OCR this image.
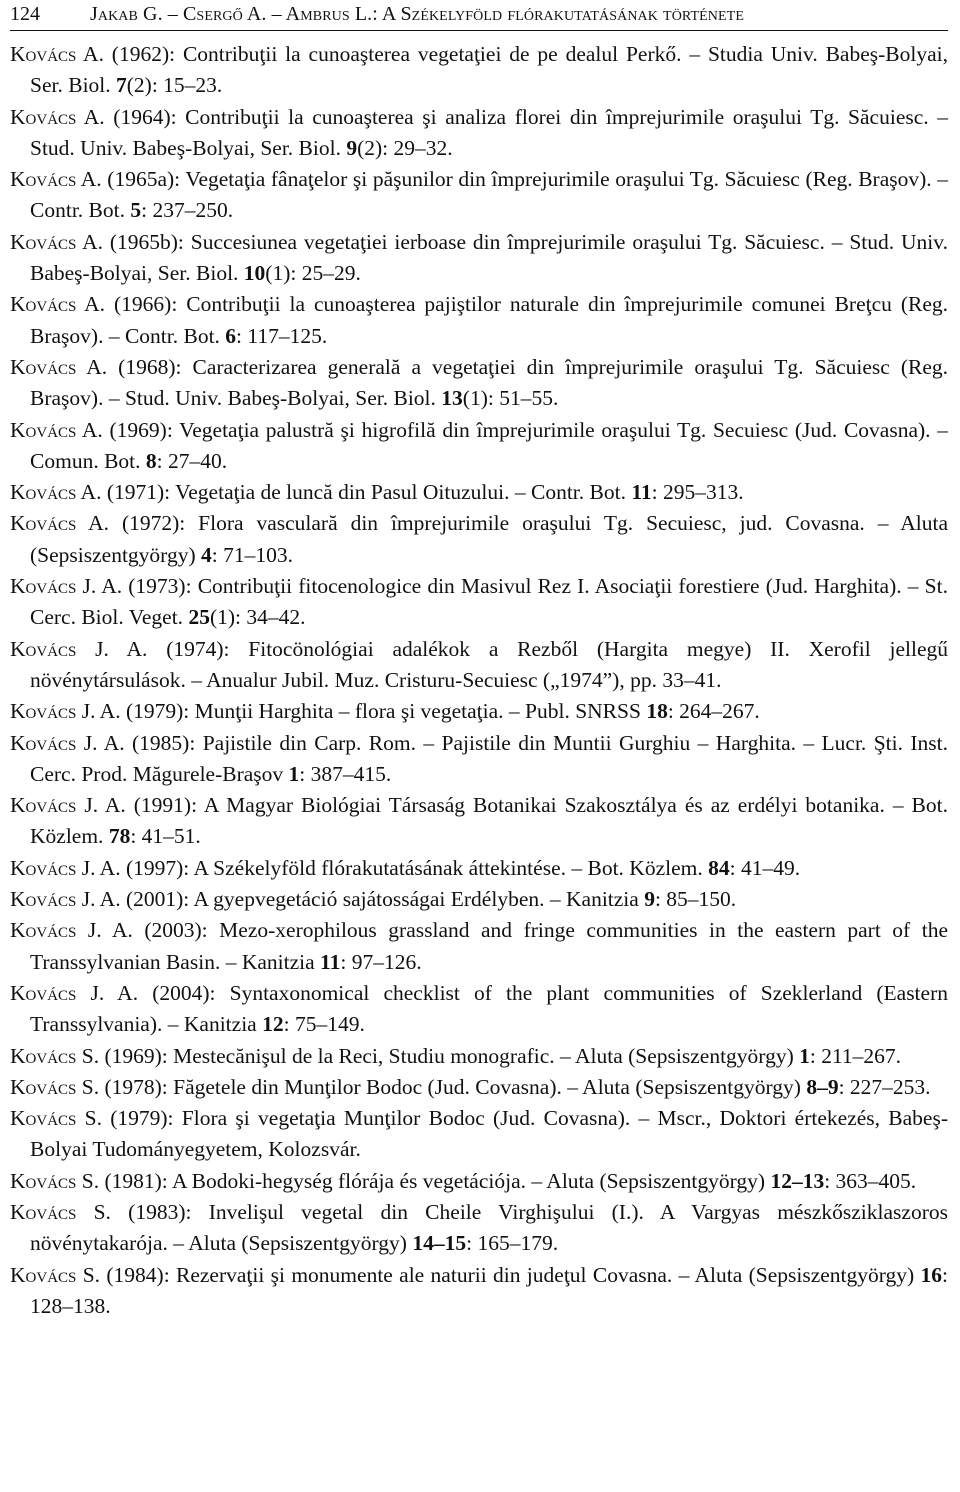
124	Jakab G. – Csergő A. – Ambrus L.: A Székelyföld flórakutatásának története
Kovács A. (1962): Contribuţii la cunoaşterea vegetaţiei de pe dealul Perkő. – Studia Univ. Babeş-Bolyai, Ser. Biol. 7(2): 15–23.
Kovács A. (1964): Contribuţii la cunoaşterea şi analiza florei din împrejurimile oraşului Tg. Săcuiesc. – Stud. Univ. Babeş-Bolyai, Ser. Biol. 9(2): 29–32.
Kovács A. (1965a): Vegetaţia fânaţelor şi păşunilor din împrejurimile oraşului Tg. Săcuiesc (Reg. Braşov). – Contr. Bot. 5: 237–250.
Kovács A. (1965b): Succesiunea vegetaţiei ierboase din împrejurimile oraşului Tg. Săcuiesc. – Stud. Univ. Babeş-Bolyai, Ser. Biol. 10(1): 25–29.
Kovács A. (1966): Contribuţii la cunoaşterea pajiştilor naturale din împrejurimile comunei Breţcu (Reg. Braşov). – Contr. Bot. 6: 117–125.
Kovács A. (1968): Caracterizarea generală a vegetaţiei din împrejurimile oraşului Tg. Săcuiesc (Reg. Braşov). – Stud. Univ. Babeş-Bolyai, Ser. Biol. 13(1): 51–55.
Kovács A. (1969): Vegetaţia palustră şi higrofilă din împrejurimile oraşului Tg. Secuiesc (Jud. Covasna). – Comun. Bot. 8: 27–40.
Kovács A. (1971): Vegetaţia de luncă din Pasul Oituzului. – Contr. Bot. 11: 295–313.
Kovács A. (1972): Flora vasculară din împrejurimile oraşului Tg. Secuiesc, jud. Covasna. – Aluta (Sepsiszentgyörgy) 4: 71–103.
Kovács J. A. (1973): Contribuţii fitocenologice din Masivul Rez I. Asociaţii forestiere (Jud. Harghita). – St. Cerc. Biol. Veget. 25(1): 34–42.
Kovács J. A. (1974): Fitocönológiai adalékok a Rezből (Hargita megye) II. Xerofil jellegű növénytársulások. – Anualur Jubil. Muz. Cristuru-Secuiesc („1974”), pp. 33–41.
Kovács J. A. (1979): Munţii Harghita – flora şi vegetaţia. – Publ. SNRSS 18: 264–267.
Kovács J. A. (1985): Pajistile din Carp. Rom. – Pajistile din Muntii Gurghiu – Harghita. – Lucr. Şti. Inst. Cerc. Prod. Măgurele-Braşov 1: 387–415.
Kovács J. A. (1991): A Magyar Biológiai Társaság Botanikai Szakosztálya és az erdélyi botanika. – Bot. Közlem. 78: 41–51.
Kovács J. A. (1997): A Székelyföld flórakutatásának áttekintése. – Bot. Közlem. 84: 41–49.
Kovács J. A. (2001): A gyepvegetáció sajátosságai Erdélyben. – Kanitzia 9: 85–150.
Kovács J. A. (2003): Mezo-xerophilous grassland and fringe communities in the eastern part of the Transsylvanian Basin. – Kanitzia 11: 97–126.
Kovács J. A. (2004): Syntaxonomical checklist of the plant communities of Szeklerland (Eastern Transsylvania). – Kanitzia 12: 75–149.
Kovács S. (1969): Mestecănişul de la Reci, Studiu monografic. – Aluta (Sepsiszentgyörgy) 1: 211–267.
Kovács S. (1978): Făgetele din Munţilor Bodoc (Jud. Covasna). – Aluta (Sepsiszentgyörgy) 8–9: 227–253.
Kovács S. (1979): Flora şi vegetaţia Munţilor Bodoc (Jud. Covasna). – Mscr., Doktori értekezés, Babeş-Bolyai Tudományegyetem, Kolozsvár.
Kovács S. (1981): A Bodoki-hegység flórája és vegetációja. – Aluta (Sepsiszentgyörgy) 12–13: 363–405.
Kovács S. (1983): Invelişul vegetal din Cheile Virghişului (I.). A Vargyas mészkősziklaszoros növénytakarója. – Aluta (Sepsiszentgyörgy) 14–15: 165–179.
Kovács S. (1984): Rezervaţii şi monumente ale naturii din judeţul Covasna. – Aluta (Sepsiszentgyörgy) 16: 128–138.
